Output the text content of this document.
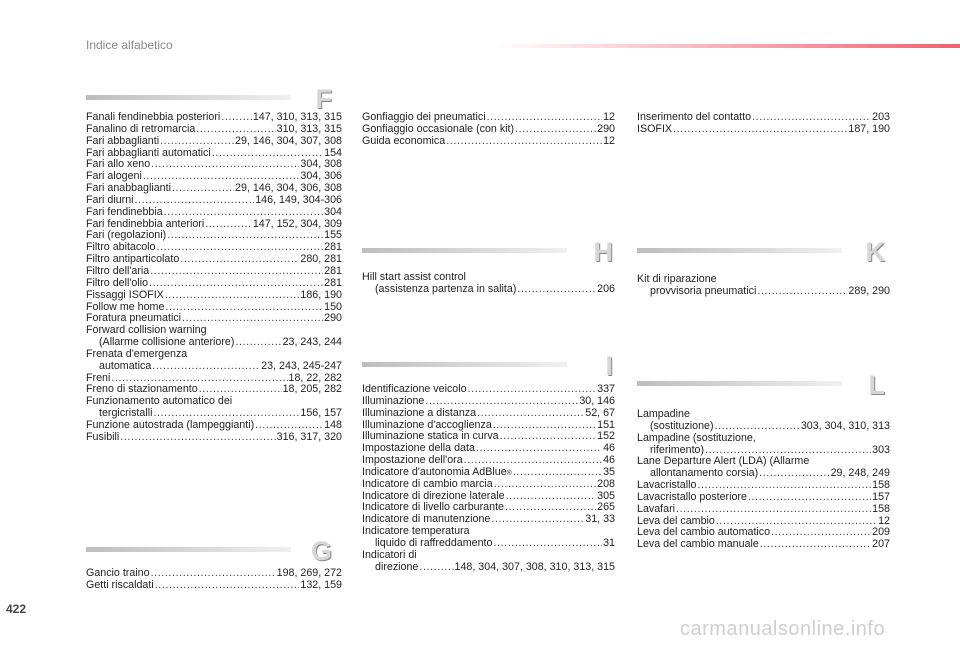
Indice alfabetico
F
Fanali fendinebbia posteriori .....	147, 310, 313, 315
Fanalino di retromarcia .....	310, 313, 315
Fari abbaglianti .....	29, 146, 304, 307, 308
Fari abbaglianti automatici .....	154
Fari allo xeno .....	304, 308
Fari alogeni .....	304, 306
Fari anabbaglianti .....	29, 146, 304, 306, 308
Fari diurni .....	146, 149, 304-306
Fari fendinebbia .....	304
Fari fendinebbia anteriori .....	147, 152, 304, 309
Fari (regolazioni) .....	155
Filtro abitacolo .....	281
Filtro antiparticolato .....	280, 281
Filtro dell'aria .....	281
Filtro dell'olio .....	281
Fissaggi ISOFIX .....	186, 190
Follow me home .....	150
Foratura pneumatici .....	290
Forward collision warning
(Allarme collisione anteriore) .....	23, 243, 244
Frenata d'emergenza
automatica .....	23, 243, 245-247
Freni .....	18, 22, 282
Freno di stazionamento .....	18, 205, 282
Funzionamento automatico dei
tergicristalli .....	156, 157
Funzione autostrada (lampeggianti) .....	148
Fusibili .....	316, 317, 320
G
Gancio traino .....	198, 269, 272
Getti riscaldati .....	132, 159
Gonfiaggio dei pneumatici .....	12
Gonfiaggio occasionale (con kit) .....	290
Guida economica .....	12
H
Hill start assist control
(assistenza partenza in salita) .....	206
I
Identificazione veicolo .....	337
Illuminazione .....	30, 146
Illuminazione a distanza .....	52, 67
Illuminazione d'accoglienza .....	151
Illuminazione statica in curva .....	152
Impostazione della data .....	46
Impostazione dell'ora .....	46
Indicatore d'autonomia AdBlue ® .....	35
Indicatore di cambio marcia .....	208
Indicatore di direzione laterale .....	305
Indicatore di livello carburante .....	265
Indicatore di manutenzione .....	31, 33
Indicatore temperatura
liquido di raffreddamento .....	31
Indicatori di
direzione .....	148, 304, 307, 308, 310, 313, 315
Inserimento del contatto .....	203
ISOFIX .....	187, 190
K
Kit di riparazione
provvisoria pneumatici .....	289, 290
L
Lampadine
(sostituzione) .....	303, 304, 310, 313
Lampadine (sostituzione,
riferimento) .....	303
Lane Departure Alert (LDA) (Allarme
allontanamento corsia) .....	29, 248, 249
Lavacristallo .....	158
Lavacristallo posteriore .....	157
Lavafari .....	158
Leva del cambio .....	12
Leva del cambio automatico .....	209
Leva del cambio manuale .....	207
422
carmanualsonline.info
